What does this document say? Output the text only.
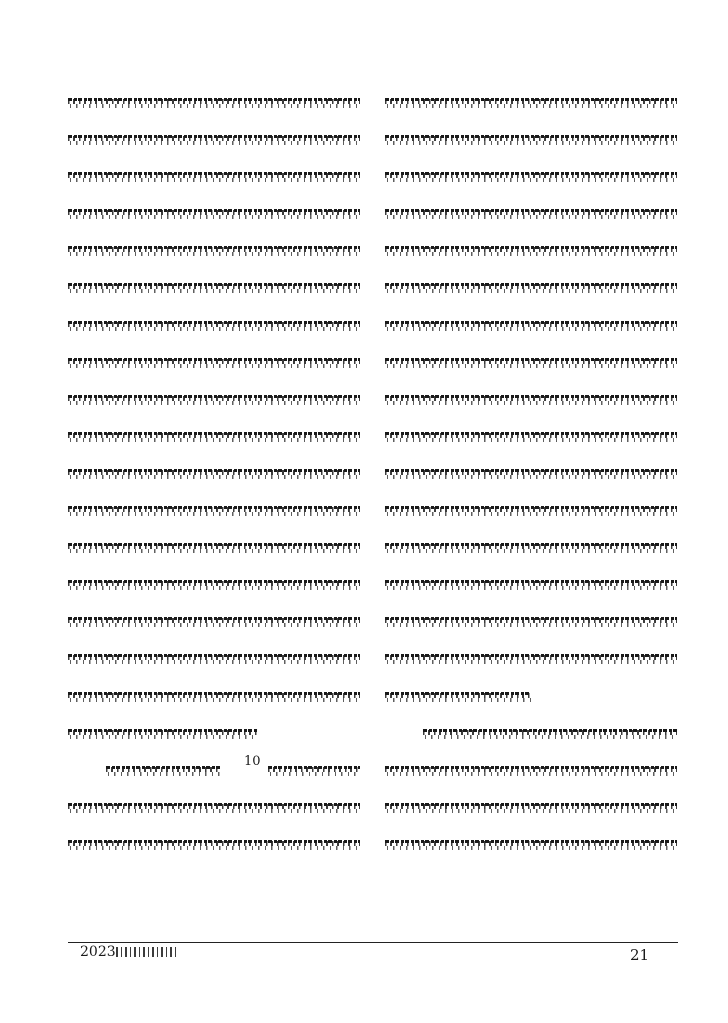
10
2023	21
